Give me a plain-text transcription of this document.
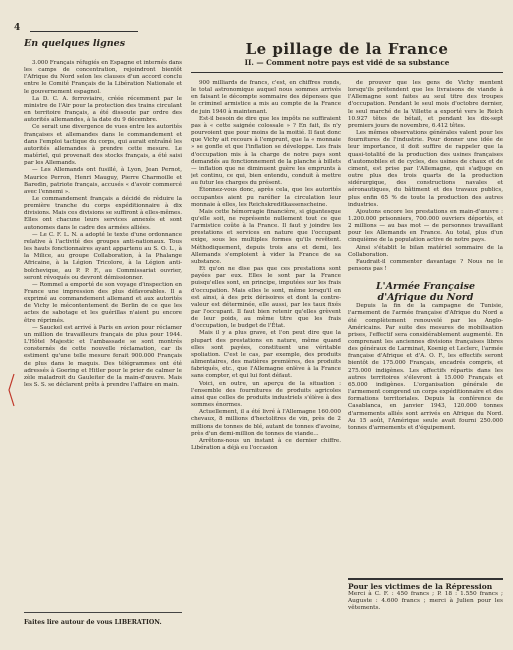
4
En quelques lignes

3.000 Français réfugiés en Espagne et internés dans les camps de concentration, rejoindront bientôt l'Afrique du Nord selon les clauses d'un accord conclu entre le Comité Français de la Libération Nationale et le gouvernement espagnol.

La D. C. A. ferroviaire, créée récemment par le ministre de l'Air pour la protection des trains circulant en territoire français, a été dissoute par ordre des autorités allemandes, à la date du 9 décembre.

Ce serait une divergence de vues entre les autorités françaises et allemandes dans le commandement et dans l'emploi tactique du corps, qui aurait entraîné les autorités allemandes à prendre cette mesure. Le matériel, qui provenait des stocks français, a été saisi par les Allemands.

— Les Allemands ont fusillé, à Lyon, Jean Pernot, Maurice Perron, Henri Mauguy, Pierre Charmoille et Baredin, patriote français, accusés « d'avoir commercé avec l'ennemi ».

Le commandement français a décidé de réduire la première tranche du corps expéditionnaire à dix divisions. Mais ces divisions se suffiront à elles-mêmes. Elles ont chacune leurs services annexés et sont autonomes dans le cadre des armées alliées.

— Le C. F. L. N. a adopté le texte d'une ordonnance relative à l'activité des groupes anti-nationaux. Tous les hauts fonctionnaires ayant appartenu au S. O. L., à la Milice, au groupe Collaboration, à la Phalange Africaine, à la Légion Tricolore, à la Légion anti-bolchevique, au P. P. F., au Commissariat ouvrier, seront révoqués ou devront démissionner.

— Rommel a emporté de son voyage d'inspection en France une impression des plus défavorables. Il a exprimé au commandement allemand et aux autorités de Vichy le mécontentement de Berlin de ce que les actes de sabotage et les guérillas n'aient pu encore être réprimés.

— Sauckel est arrivé à Paris en avion pour réclamer un million de travailleurs français de plus pour 1944. L'Hôtel Majestic et l'ambassade se sont montrés consternés de cette nouvelle réclamation, car ils estiment qu'une telle mesure ferait 900.000 Français de plus dans le maquis. Des télégrammes ont été adressés à Goering et Hitler pour le prier de calmer le zèle maladroit du Gauleiter de la main-d'œuvre. Mais les S. S. se déclarent prêts à prendre l'affaire en main.

Faites lire autour de vous LIBERATION.
Le pillage de la France
II. — Comment notre pays est vidé de sa substance

900 milliards de francs, c'est, en chiffres ronds, le total astronomique auquel nous sommes arrivés en faisant le décompte sommaire des dépenses que le criminel armistice a mis au compte de la France de juin 1940 à maintenant.

Est-il besoin de dire que les impôts ne suffiraient pas à « cette saignée colossale » ? En fait, ils n'y pourvoient que pour moins de la moitié. Il faut donc que Vichy ait recours à l'emprunt, que la « monnaie » se gonfle et que l'inflation se développe. Les frais d'occupation mis à la charge de notre pays sont demandés au fonctionnement de la planche à billets — inflation que ne diminuent guère les emprunts à jet continu, ce qui, bien entendu, conduit à mettre au futur les charges du présent.

Étonnez-vous donc, après cela, que les autorités occupantes aient pu raréfier la circulation leur monnaie à elles, les Reichskreditkassenscheine.

Mais cette hémorragie financière, si gigantesque qu'elle soit, ne représente nullement tout ce que l'armistice coûte à la France. Il faut y joindre les prestations et services en nature que l'occupant exige, sous les multiples formes qu'ils revêtent. Méthodiquement, depuis trois ans et demi, les Allemands s'emploient à vider la France de sa substance.

Et qu'on ne dise pas que ces prestations sont payées par eux. Elles le sont par la France puisqu'elles sont, en principe, imputées sur les frais d'occupation. Mais elles le sont, même lorsqu'il en est ainsi, à des prix dérisoires et dont la contre-valeur est déterminée, elle aussi, par les taux fixés par l'occupant. Il faut bien retenir qu'elles grèvent de leur poids, au même titre que les frais d'occupation, le budget de l'État.

Mais il y a plus grave, et l'on peut dire que la plupart des prestations en nature, même quand elles sont payées, constituent une véritable spoliation. C'est le cas, par exemple, des produits alimentaires, des matières premières, des produits fabriqués, etc., que l'Allemagne enlève à la France sans compter, et qui lui font défaut.

Voici, en outre, un aperçu de la situation : l'ensemble des fournitures de produits agricoles ainsi que celles de produits industriels s'élève à des sommes énormes.

Actuellement, il a été livré à l'Allemagne 160.000 chevaux, 8 millions d'hectolitres de vin, près de 2 millions de tonnes de blé, autant de tonnes d'avoine, près d'un demi-million de tonnes de viande...

Arrêtons-nous un instant à ce dernier chiffre. Libération a déjà eu l'occasion

de prouver que les gens de Vichy mentent lorsqu'ils prétendent que les livraisons de viande à l'Allemagne sont faites au seul titre des troupes d'occupation. Pendant le seul mois d'octobre dernier, le seul marché de la Villette a exporté vers le Reich 10.927 têtes de bétail, et pendant les dix-sept premiers jours de novembre, 6.412 têtes.

Les mêmes observations générales valent pour les fournitures de l'industrie. Pour donner une idée de leur importance, il doit suffire de rappeler que la quasi-totalité de la production des usines françaises d'automobiles et de cycles, des usines de chaux et de ciment, est prise par l'Allemagne, qui s'adjuge en outre plus des trois quarts de la production sidérurgique, des constructions navales et aéronautiques, du bâtiment et des travaux publics, plus enfin 65 % de toute la production des autres industries.

Ajoutons encore les prestations en main-d'œuvre : 1.200.000 prisonniers, 700.000 ouvriers déportés, et 2 millions — au bas mot — de personnes travaillant pour les Allemands en France. Au total, plus d'un cinquième de la population active de notre pays.

Ainsi s'établit le bilan matériel sommaire de la Collaboration.

Faudrait-il commenter davantage ? Nous ne le pensons pas !

L'Armée Française
d'Afrique du Nord

Depuis la fin de la campagne de Tunisie, l'armement de l'armée française d'Afrique du Nord a été complètement renouvelé par les Anglo-Américains. Par suite des mesures de mobilisation prises, l'effectif sera considérablement augmenté. En comprenant les anciennes divisions françaises libres des généraux de Larminat, Koenig et Leclerc, l'armée française d'Afrique et d'A. O. F., les effectifs seront bientôt de 175.000 Français, encadrés compris, et 275.000 indigènes. Les effectifs répartis dans les autres territoires s'élevront à 15.000 Français et 65.000 indigènes. L'organisation générale de l'armement comprend un corps expéditionnaire et des formations territoriales. Depuis la conférence de Casablanca, en janvier 1943, 120.000 tonnes d'armements alliés sont arrivés en Afrique du Nord. Au 15 août, l'Amérique seule avait fourni 250.000 tonnes d'armements et d'équipement.

Pour les victimes de la Répression
Merci à C. F. : 450 francs ; P. 18 : 1.550 francs ; Auguste : 4.600 francs ; merci à Julien pour les vêtements.
